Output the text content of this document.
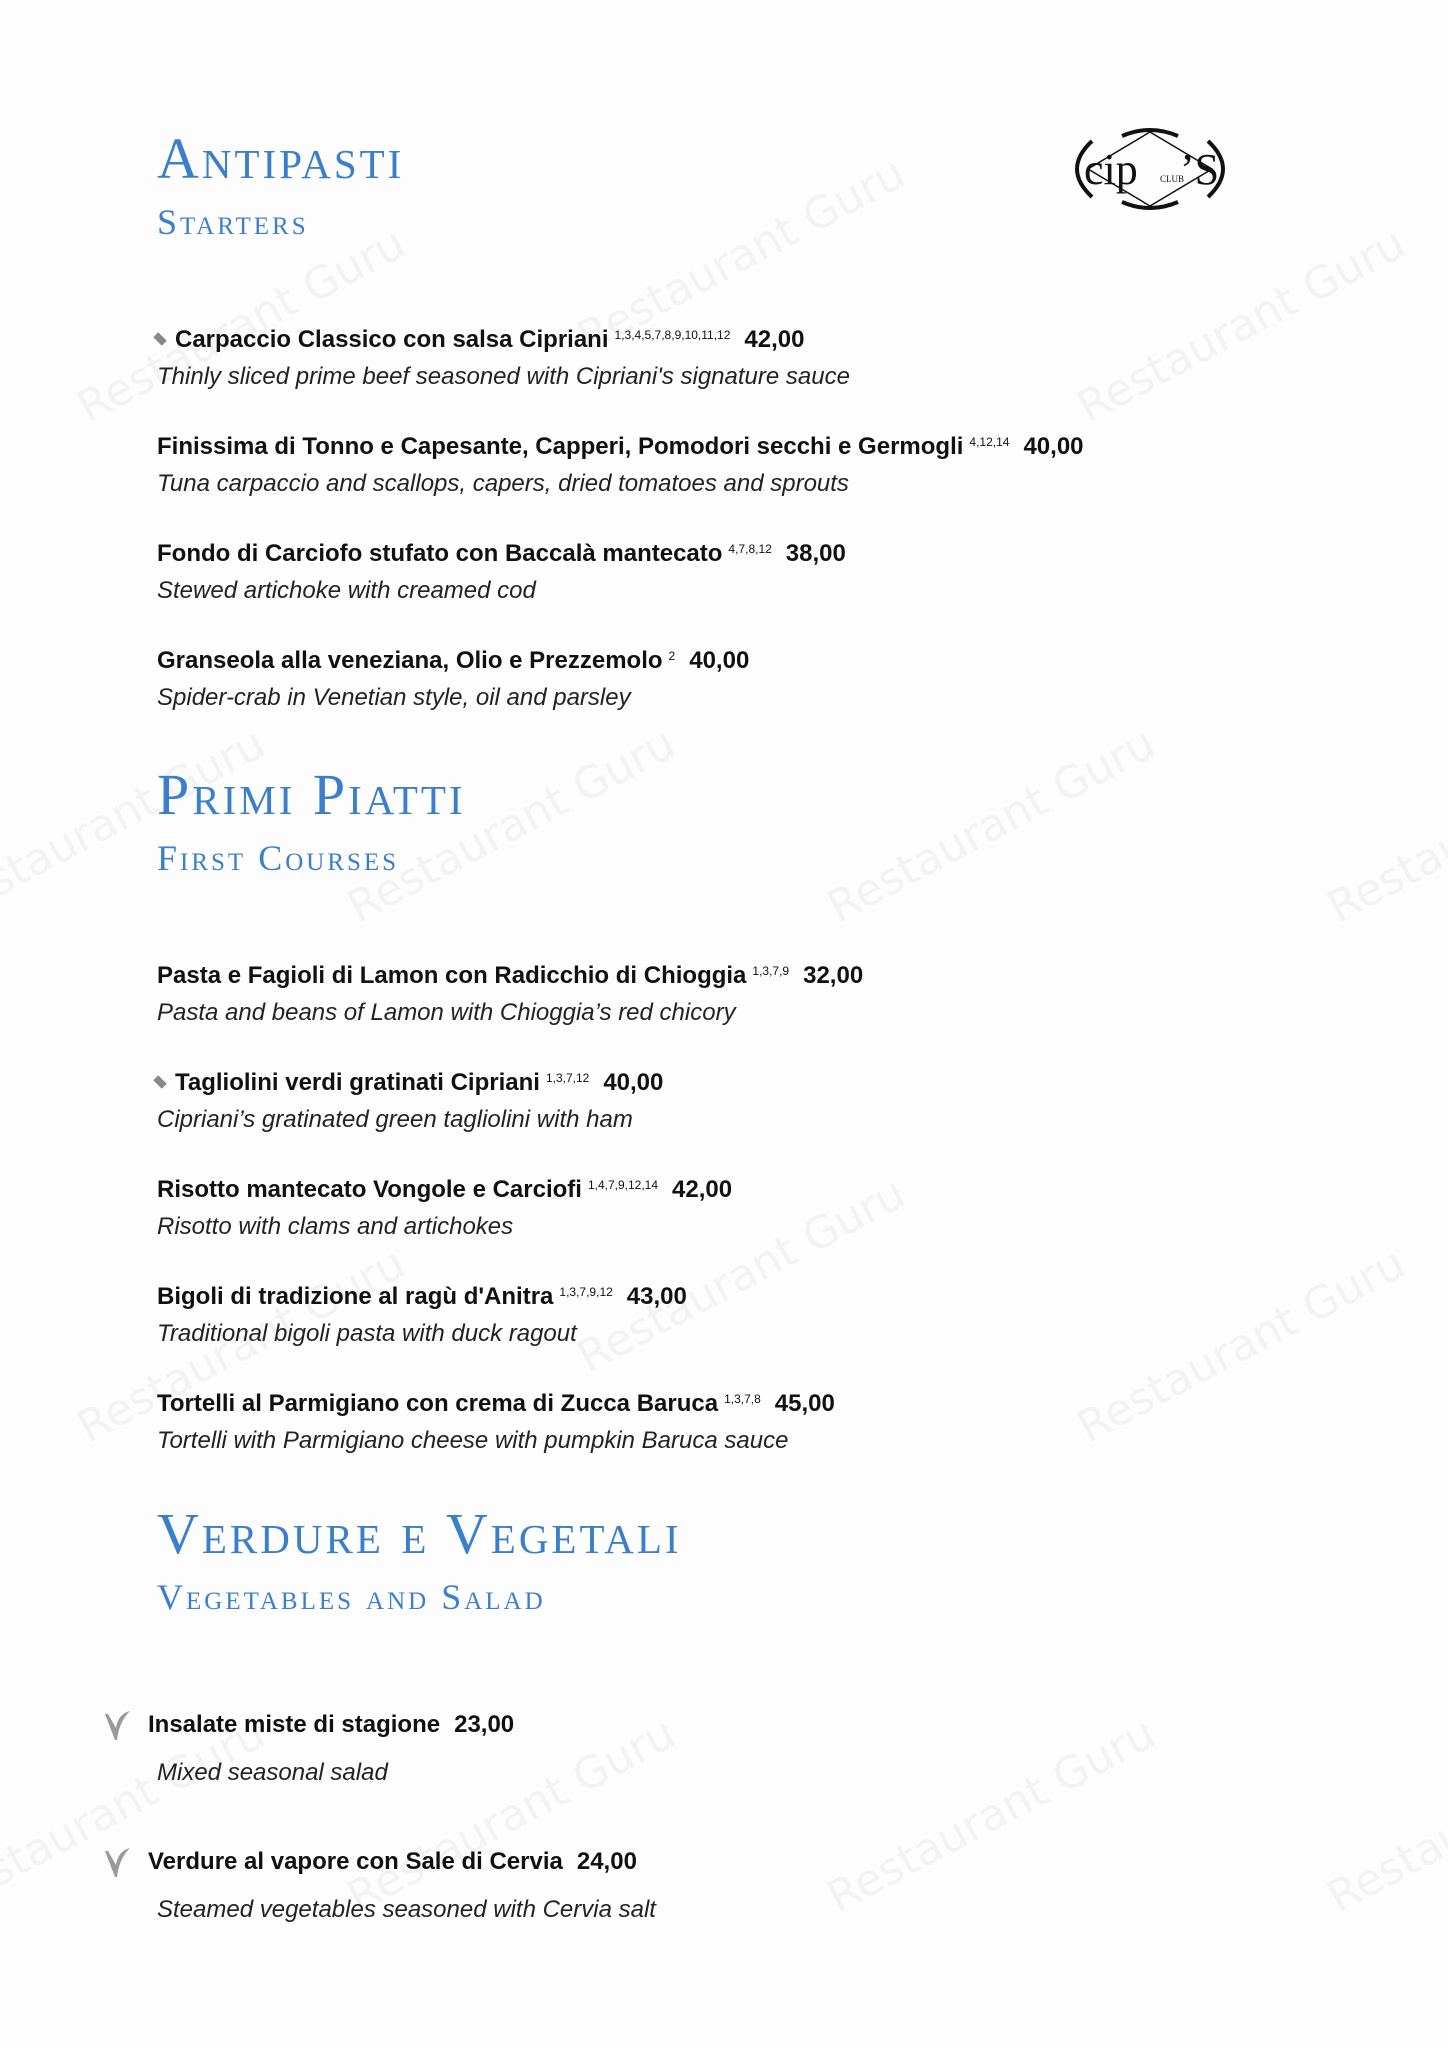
cip ’S
CLUB
Antipasti
Starters
Carpaccio Classico con salsa Cipriani $^{1,3,4,5,7,8,9,10,11,12}$ 42,00
Thinly sliced prime beef seasoned with Cipriani's signature sauce
Finissima di Tonno e Capesante, Capperi, Pomodori secchi e Germogli $^{4,12,14}$ 40,00
Tuna carpaccio and scallops, capers, dried tomatoes and sprouts
Fondo di Carciofo stufato con Baccalà mantecato $^{4,7,8,12}$ 38,00
Stewed artichoke with creamed cod
Granseola alla veneziana, Olio e Prezzemolo $^2$ 40,00
Spider-crab in Venetian style, oil and parsley
Primi Piatti
First Courses
Pasta e Fagioli di Lamon con Radicchio di Chioggia $^{1,3,7,9}$ 32,00
Pasta and beans of Lamon with Chioggia’s red chicory
Tagliolini verdi gratinati Cipriani $^{1,3,7,12}$ 40,00
Cipriani’s gratinated green tagliolini with ham
Risotto mantecato Vongole e Carciofi $^{1,4,7,9,12,14}$ 42,00
Risotto with clams and artichokes
Bigoli di tradizione al ragù d'Anitra $^{1,3,7,9,12}$ 43,00
Traditional bigoli pasta with duck ragout
Tortelli al Parmigiano con crema di Zucca Baruca $^{1,3,7,8}$ 45,00
Tortelli with Parmigiano cheese with pumpkin Baruca sauce
Verdure e Vegetali
Vegetables and Salad
Insalate miste di stagione 23,00
Mixed seasonal salad
Verdure al vapore con Sale di Cervia 24,00
Steamed vegetables seasoned with Cervia salt
